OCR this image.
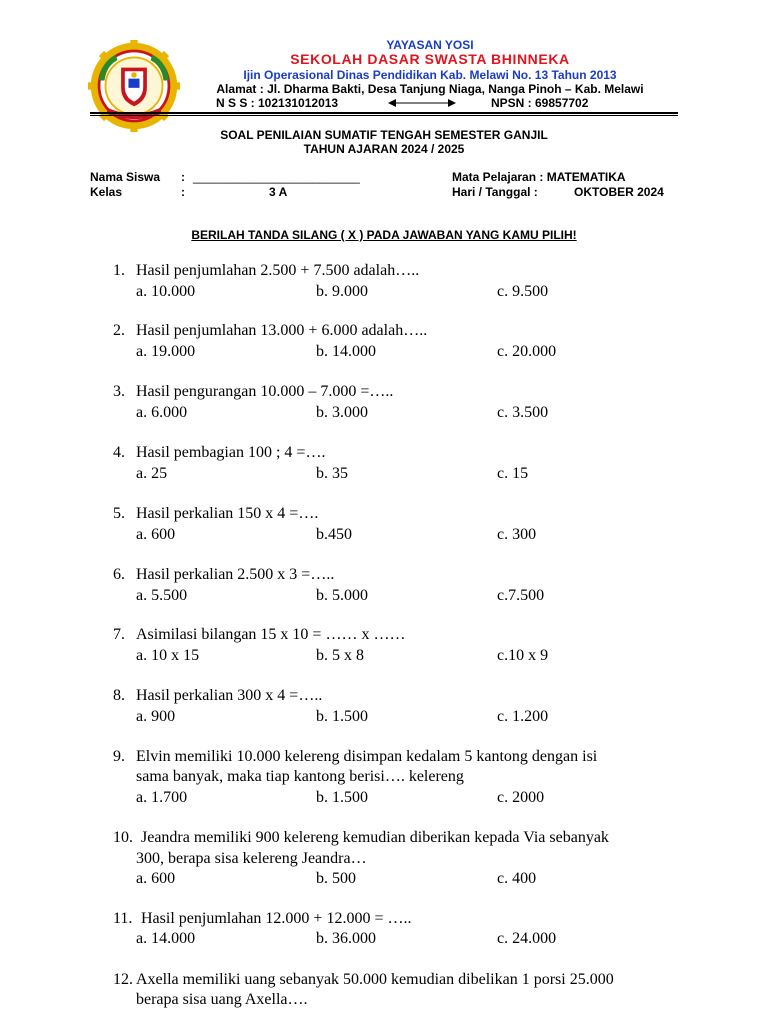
YAYASAN YOSI
SEKOLAH DASAR SWASTA BHINNEKA
Ijin Operasional Dinas Pendidikan Kab. Melawi No. 13 Tahun 2013
Alamat : Jl. Dharma Bakti, Desa Tanjung Niaga, Nanga Pinoh – Kab. Melawi
N S S : 102131012013	NPSN : 69857702
SOAL PENILAIAN SUMATIF TENGAH SEMESTER GANJIL
TAHUN AJARAN 2024 / 2025
Nama Siswa : _________________________
Kelas	:	3 A
Mata Pelajaran : MATEMATIKA
Hari / Tanggal :	OKTOBER 2024
BERILAH TANDA SILANG ( X ) PADA JAWABAN YANG KAMU PILIH!
1. Hasil penjumlahan 2.500 + 7.500 adalah…..
a. 10.000	b. 9.000	c. 9.500
2. Hasil penjumlahan 13.000 + 6.000 adalah…..
a. 19.000	b. 14.000	c. 20.000
3. Hasil pengurangan 10.000 – 7.000 =…..
a. 6.000	b. 3.000	c. 3.500
4. Hasil pembagian 100 ; 4 =….
a. 25	b. 35	c. 15
5. Hasil perkalian 150 x 4 =….
a. 600	b.450	c. 300
6. Hasil perkalian 2.500 x 3 =…..
a. 5.500	b. 5.000	c.7.500
7. Asimilasi bilangan 15 x 10 = …… x ……
a. 10 x 15	b. 5 x 8	c.10 x 9
8. Hasil perkalian 300 x 4 =…..
a. 900	b. 1.500	c. 1.200
9. Elvin memiliki 10.000 kelereng disimpan kedalam 5 kantong dengan isi
sama banyak, maka tiap kantong berisi…. kelereng
a. 1.700	b. 1.500	c. 2000
10. Jeandra memiliki 900 kelereng kemudian diberikan kepada Via sebanyak
300, berapa sisa kelereng Jeandra…
a. 600	b. 500	c. 400
11. Hasil penjumlahan 12.000 + 12.000 = …..
a. 14.000	b. 36.000	c. 24.000
12. Axella memiliki uang sebanyak 50.000 kemudian dibelikan 1 porsi 25.000
berapa sisa uang Axella….
